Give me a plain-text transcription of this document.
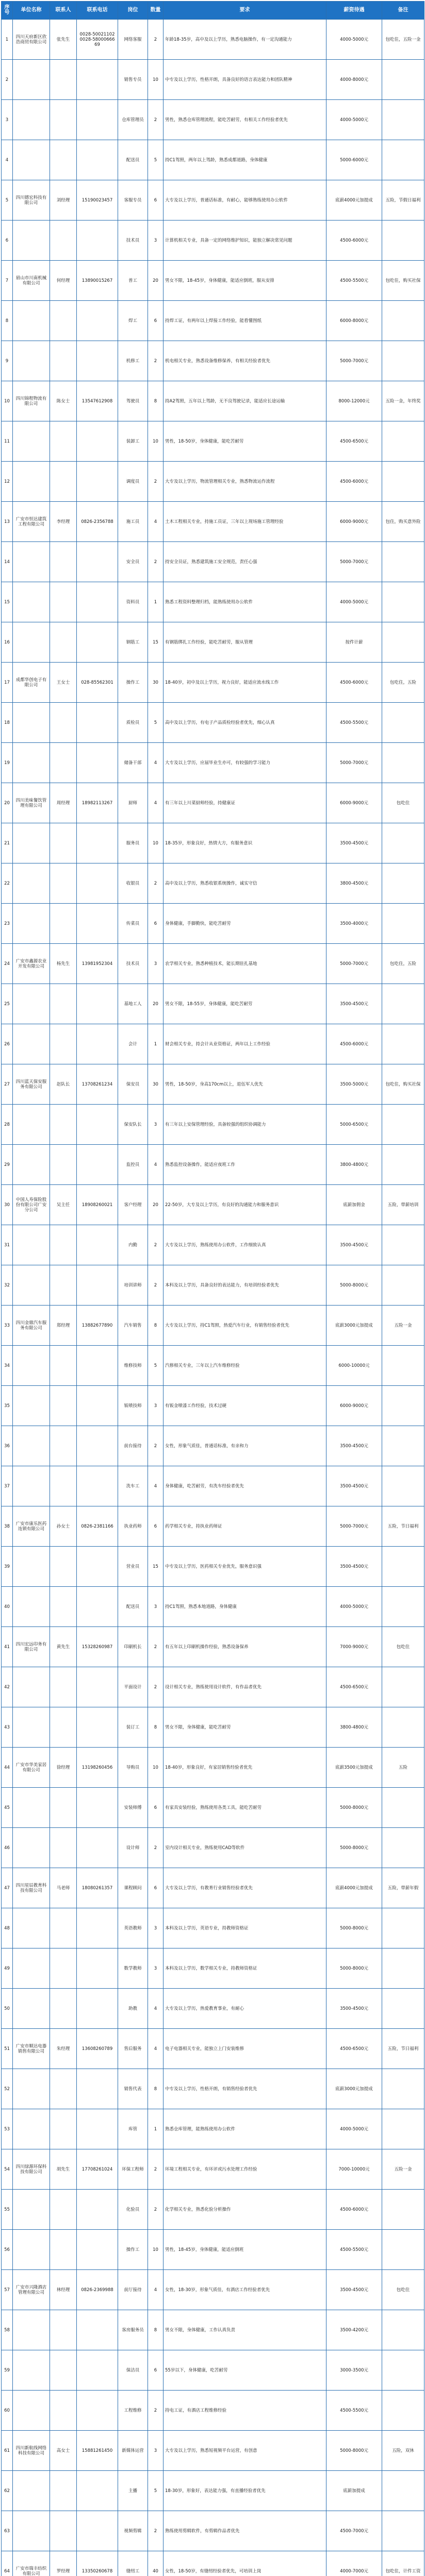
序号	单位名称	联系人	联系电话	岗位	数量	要求	薪资待遇	备注
1	四川天府新区欣浩商贸有限公司	张先生	0028-50021102 0028-5800066669	网络客服	2	年龄18-35岁，高中及以上学历，熟悉电脑操作，有一定沟通能力	4000-5000元	包吃住，五险一金
2				销售专员	10	中专及以上学历，性格开朗，具备良好的语言表达能力和团队精神	4000-8000元	
3				仓库管理员	2	男性，熟悉仓库管理流程，能吃苦耐劳，有相关工作经验者优先	4000-5000元	
4				配送员	5	持C1驾照，两年以上驾龄，熟悉成都道路，身体健康	5000-6000元	
5	四川德宏科技有限公司	刘经理	15190023457	客服专员	6	大专及以上学历，普通话标准，有耐心，能够熟练使用办公软件	底薪4000元加提成	五险，节假日福利
6				技术员	3	计算机相关专业，具备一定的网络维护知识，能独立解决常见问题	4500-6000元	
7	眉山市川南机械有限公司	何经理	13890015267	普工	20	男女不限，18-45岁，身体健康，能适应倒班，服从安排	4500-5500元	包吃住，购买社保
8				焊工	6	持焊工证，有两年以上焊接工作经验，能看懂图纸	6000-8000元	
9				机修工	2	机电相关专业，熟悉设备维修保养，有相关经验者优先	5000-7000元	
10	四川锦程物流有限公司	陈女士	13547612908	驾驶员	8	持A2驾照，五年以上驾龄，无不良驾驶记录，能适应长途运输	8000-12000元	五险一金，年终奖
11				装卸工	10	男性，18-50岁，身体健康，能吃苦耐劳	4500-6500元	
12				调度员	2	大专及以上学历，物流管理相关专业，熟悉物流运作流程	4500-6000元	
13	广安市恒达建筑工程有限公司	李经理	0826-2356788	施工员	4	土木工程相关专业，持施工员证，三年以上现场施工管理经验	6000-9000元	包住，购买意外险
14				安全员	2	持安全员证，熟悉建筑施工安全规范，责任心强	5000-7000元	
15				资料员	1	熟悉工程资料整理归档，能熟练使用办公软件	4000-5000元	
16				钢筋工	15	有钢筋绑扎工作经验，能吃苦耐劳，服从管理	按件计薪	
17	成都华创电子有限公司	王女士	028-85562301	操作工	30	18-40岁，初中及以上学历，视力良好，能适应流水线工作	4500-6000元	包吃住，五险
18				质检员	5	高中及以上学历，有电子产品质检经验者优先，细心认真	4500-5500元	
19				储备干部	4	大专及以上学历，应届毕业生亦可，有较强的学习能力	5000-7000元	
20	四川美味餐饮管理有限公司	周经理	18982113267	厨师	4	有三年以上川菜厨师经验，持健康证	6000-9000元	包吃住
21				服务员	10	18-35岁，形象良好，热情大方，有服务意识	3500-4500元	
22				收银员	2	高中及以上学历，熟悉收银系统操作，诚实守信	3800-4500元	
23				传菜员	6	身体健康，手脚勤快，能吃苦耐劳	3500-4000元	
24	广安市鑫源农业开发有限公司	杨先生	13981952304	技术员	3	农学相关专业，熟悉种植技术，能长期驻扎基地	5000-7000元	包吃住，五险
25				基地工人	20	男女不限，18-55岁，身体健康，能吃苦耐劳	3500-4500元	
26				会计	1	财会相关专业，持会计从业资格证，两年以上工作经验	4500-6000元	
27	四川蓝天保安服务有限公司	赵队长	13708261234	保安员	30	男性，18-50岁，身高170cm以上，退伍军人优先	3500-5000元	包吃住，购买社保
28				保安队长	3	有三年以上安保管理经验，具备较强的组织协调能力	5000-6500元	
29				监控员	4	熟悉监控设备操作，能适应夜班工作	3800-4800元	
30	中国人寿保险股份有限公司广安分公司	吴主任	18908260021	客户经理	20	22-50岁，大专及以上学历，有良好的沟通能力和服务意识	底薪加佣金	五险，带薪培训
31				内勤	2	大专及以上学历，熟练使用办公软件，工作细致认真	3500-4500元	
32				培训讲师	2	本科及以上学历，具备良好的表达能力，有培训经验者优先	5000-8000元	
33	四川金鼎汽车服务有限公司	郑经理	13882677890	汽车销售	8	大专及以上学历，持C1驾照，热爱汽车行业，有销售经验者优先	底薪3000元加提成	五险一金
34				维修技师	5	汽修相关专业，三年以上汽车维修经验	6000-10000元	
35				钣喷技师	3	有钣金喷漆工作经验，技术过硬	6000-9000元	
36				前台接待	2	女性，形象气质佳，普通话标准，有亲和力	3500-4500元	
37				洗车工	4	身体健康，吃苦耐劳，有洗车经验者优先	3500-4500元	
38	广安市康乐医药连锁有限公司	孙女士	0826-2381166	执业药师	6	药学相关专业，持执业药师证	5000-7000元	五险，节日福利
39				营业员	15	中专及以上学历，医药相关专业优先，服务意识强	3500-4500元	
40				配送员	3	持C1驾照，熟悉本地道路，身体健康	4000-5000元	
41	四川宏远印务有限公司	黄先生	15328260987	印刷机长	2	有五年以上印刷机操作经验，熟悉设备保养	7000-9000元	包吃住
42				平面设计	2	设计相关专业，熟练使用设计软件，有作品者优先	4500-6500元	
43				装订工	8	男女不限，身体健康，能吃苦耐劳	3800-4800元	
44	广安市华美家居有限公司	徐经理	13198260456	导购员	10	18-40岁，形象良好，有家居销售经验者优先	底薪3500元加提成	五险
45				安装师傅	6	有家具安装经验，熟练使用各类工具，能吃苦耐劳	5000-8000元	
46				设计师	2	室内设计相关专业，熟练使用CAD等软件	5000-8000元	
47	四川星辰教育科技有限公司	马老师	18080261357	课程顾问	6	大专及以上学历，有教育行业销售经验者优先	底薪4000元加提成	五险，带薪年假
48				英语教师	3	本科及以上学历，英语专业，持教师资格证	5000-8000元	
49				数学教师	3	本科及以上学历，数学相关专业，持教师资格证	5000-8000元	
50				助教	4	大专及以上学历，热爱教育事业，有耐心	3500-4500元	
51	广安市顺达电器销售有限公司	朱经理	13608260789	售后服务	4	电子电器相关专业，能独立上门安装维修	4500-6500元	五险，节日福利
52				销售代表	8	中专及以上学历，性格开朗，有销售经验者优先	底薪3000元加提成	
53				库管	1	熟悉仓库管理，能熟练使用办公软件	4000-5000元	
54	四川绿源环保科技有限公司	胡先生	17708261024	环保工程师	2	环境工程相关专业，有环评或污水处理工作经验	7000-10000元	五险一金
55				化验员	2	化学相关专业，熟悉化验分析操作	4500-6000元	
56				操作工	10	男性，18-45岁，身体健康，能适应倒班	4500-5500元	
57	广安市兴隆酒店管理有限公司	林经理	0826-2369988	前厅接待	4	女性，18-30岁，形象气质佳，有酒店工作经验者优先	3500-4500元	包吃住
58				客房服务员	8	男女不限，身体健康，工作认真负责	3500-4200元	
59				保洁员	6	55岁以下，身体健康，吃苦耐劳	3000-3500元	
60				工程维修	2	持电工证，有酒店工程维修经验	4500-5500元	
61	四川新航线网络科技有限公司	高女士	15881261450	新媒体运营	3	大专及以上学历，熟悉短视频平台运营，有创意	5000-8000元	五险，双休
62				主播	5	18-30岁，形象好，表达能力强，有直播经验者优先	底薪加提成	
63				视频剪辑	2	熟练使用剪辑软件，有剪辑作品者优先	4500-7000元	
64	广安市瑞丰纺织有限公司	罗经理	13350260678	缝纫工	40	女性，18-50岁，有缝纫经验者优先，可培训上岗	4000-7000元	包吃住，计件工资
